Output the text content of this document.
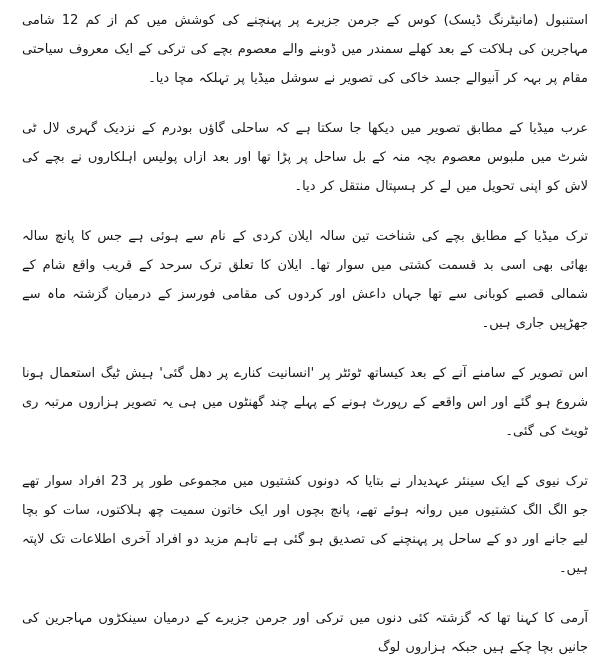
استنبول (مانیٹرنگ ڈیسک) کوس کے جرمن جزیرے پر پہنچنے کی کوشش میں کم از کم 12 شامی مہاجرین کی ہلاکت کے بعد کھلے سمندر میں ڈوبنے والے معصوم بچے کی ترکی کے ایک معروف سیاحتی مقام پر بہہ کر آنیوالے جسد خاکی کی تصویر نے سوشل میڈیا پر تہلکہ مچا دیا۔

عرب میڈیا کے مطابق تصویر میں دیکھا جا سکتا ہے کہ ساحلی گاؤں بودرم کے نزدیک گہری لال ٹی شرٹ میں ملبوس معصوم بچہ منہ کے بل ساحل پر پڑا تھا اور بعد ازاں پولیس اہلکاروں نے بچے کی لاش کو اپنی تحویل میں لے کر ہسپتال منتقل کر دیا۔

ترک میڈیا کے مطابق بچے کی شناخت تین سالہ ایلان کردی کے نام سے ہوئی ہے جس کا پانچ سالہ بھائی بھی اسی بد قسمت کشتی میں سوار تھا۔ ایلان کا تعلق ترک سرحد کے قریب واقع شام کے شمالی قصبے کوبانی سے تھا جہاں داعش اور کردوں کی مقامی فورسز کے درمیان گزشتہ ماہ سے جھڑپیں جاری ہیں۔

اس تصویر کے سامنے آنے کے بعد کیساتھ ٹوئٹر پر 'انسانیت کنارے پر دھل گئی' ہیش ٹیگ استعمال ہونا شروع ہو گئے اور اس واقعے کے رپورٹ ہونے کے پہلے چند گھنٹوں میں ہی یہ تصویر ہزاروں مرتبہ ری ٹویٹ کی گئی۔

ترک نیوی کے ایک سینئر عہدیدار نے بتایا کہ دونوں کشتیوں میں مجموعی طور پر 23 افراد سوار تھے جو الگ الگ کشتیوں میں روانہ ہوئے تھے، پانچ بچوں اور ایک خاتون سمیت چھ ہلاکتوں، سات کو بچا لیے جانے اور دو کے ساحل پر پہنچنے کی تصدیق ہو گئی ہے تاہم مزید دو افراد آخری اطلاعات تک لاپتہ ہیں۔

آرمی کا کہنا تھا کہ گزشتہ کئی دنوں میں ترکی اور جرمن جزیرے کے درمیان سینکڑوں مہاجرین کی جانیں بچا چکے ہیں جبکہ ہزاروں لوگ
